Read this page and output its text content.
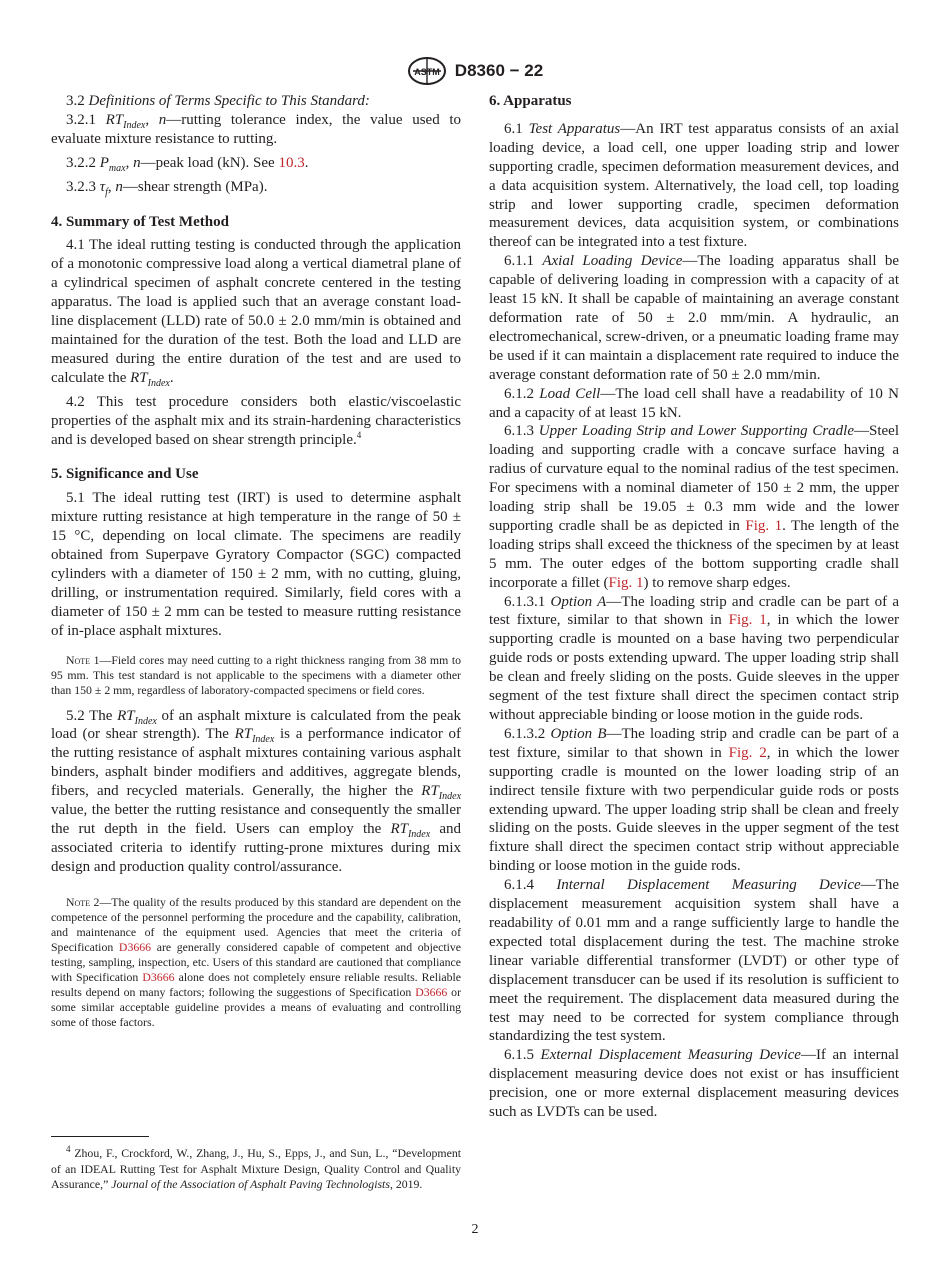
ASTM D8360 − 22

3.2 Definitions of Terms Specific to This Standard:

3.2.1 $RT_{Index}$, n—rutting tolerance index, the value used to evaluate mixture resistance to rutting.

3.2.2 $P_{max}$, n—peak load (kN). See 10.3.

3.2.3 $\tau_f$, n—shear strength (MPa).

4. Summary of Test Method

4.1 The ideal rutting testing is conducted through the application of a monotonic compressive load along a vertical diametral plane of a cylindrical specimen of asphalt concrete centered in the testing apparatus. The load is applied such that an average constant load-line displacement (LLD) rate of 50.0 ± 2.0 mm/min is obtained and maintained for the duration of the test. Both the load and LLD are measured during the entire duration of the test and are used to calculate the $RT_{Index}$.

4.2 This test procedure considers both elastic/viscoelastic properties of the asphalt mix and its strain-hardening characteristics and is developed based on shear strength principle.$^4$

5. Significance and Use

5.1 The ideal rutting test (IRT) is used to determine asphalt mixture rutting resistance at high temperature in the range of 50 ± 15 °C, depending on local climate. The specimens are readily obtained from Superpave Gyratory Compactor (SGC) compacted cylinders with a diameter of 150 ± 2 mm, with no cutting, gluing, drilling, or instrumentation required. Similarly, field cores with a diameter of 150 ± 2 mm can be tested to measure rutting resistance of in-place asphalt mixtures.

Note 1—Field cores may need cutting to a right thickness ranging from 38 mm to 95 mm. This test standard is not applicable to the specimens with a diameter other than 150 ± 2 mm, regardless of laboratory-compacted specimens or field cores.

5.2 The $RT_{Index}$ of an asphalt mixture is calculated from the peak load (or shear strength). The $RT_{Index}$ is a performance indicator of the rutting resistance of asphalt mixtures containing various asphalt binders, asphalt binder modifiers and additives, aggregate blends, fibers, and recycled materials. Generally, the higher the $RT_{Index}$ value, the better the rutting resistance and consequently the smaller the rut depth in the field. Users can employ the $RT_{Index}$ and associated criteria to identify rutting-prone mixtures during mix design and production quality control/assurance.

Note 2—The quality of the results produced by this standard are dependent on the competence of the personnel performing the procedure and the capability, calibration, and maintenance of the equipment used. Agencies that meet the criteria of Specification D3666 are generally considered capable of competent and objective testing, sampling, inspection, etc. Users of this standard are cautioned that compliance with Specification D3666 alone does not completely ensure reliable results. Reliable results depend on many factors; following the suggestions of Specification D3666 or some similar acceptable guideline provides a means of evaluating and controlling some of those factors.
$^4$ Zhou, F., Crockford, W., Zhang, J., Hu, S., Epps, J., and Sun, L., “Development of an IDEAL Rutting Test for Asphalt Mixture Design, Quality Control and Quality Assurance,” Journal of the Association of Asphalt Paving Technologists, 2019.
6. Apparatus

6.1 Test Apparatus—An IRT test apparatus consists of an axial loading device, a load cell, one upper loading strip and lower supporting cradle, specimen deformation measurement devices, and a data acquisition system. Alternatively, the load cell, top loading strip and lower supporting cradle, specimen deformation measurement devices, data acquisition system, or combinations thereof can be integrated into a test fixture.

6.1.1 Axial Loading Device—The loading apparatus shall be capable of delivering loading in compression with a capacity of at least 15 kN. It shall be capable of maintaining an average constant deformation rate of 50 ± 2.0 mm/min. A hydraulic, an electromechanical, screw-driven, or a pneumatic loading frame may be used if it can maintain a displacement rate required to induce the average constant deformation rate of 50 ± 2.0 mm/min.

6.1.2 Load Cell—The load cell shall have a readability of 10 N and a capacity of at least 15 kN.

6.1.3 Upper Loading Strip and Lower Supporting Cradle—Steel loading and supporting cradle with a concave surface having a radius of curvature equal to the nominal radius of the test specimen. For specimens with a nominal diameter of 150 ± 2 mm, the upper loading strip shall be 19.05 ± 0.3 mm wide and the lower supporting cradle shall be as depicted in Fig. 1. The length of the loading strips shall exceed the thickness of the specimen by at least 5 mm. The outer edges of the bottom supporting cradle shall incorporate a fillet (Fig. 1) to remove sharp edges.

6.1.3.1 Option A—The loading strip and cradle can be part of a test fixture, similar to that shown in Fig. 1, in which the lower supporting cradle is mounted on a base having two perpendicular guide rods or posts extending upward. The upper loading strip shall be clean and freely sliding on the posts. Guide sleeves in the upper segment of the test fixture shall direct the specimen contact strip without appreciable binding or loose motion in the guide rods.

6.1.3.2 Option B—The loading strip and cradle can be part of a test fixture, similar to that shown in Fig. 2, in which the lower supporting cradle is mounted on the lower loading strip of an indirect tensile fixture with two perpendicular guide rods or posts extending upward. The upper loading strip shall be clean and freely sliding on the posts. Guide sleeves in the upper segment of the test fixture shall direct the specimen contact strip without appreciable binding or loose motion in the guide rods.

6.1.4 Internal Displacement Measuring Device—The displacement measurement acquisition system shall have a readability of 0.01 mm and a range sufficiently large to handle the expected total displacement during the test. The machine stroke linear variable differential transformer (LVDT) or other type of displacement transducer can be used if its resolution is sufficient to meet the requirement. The displacement data measured during the test may need to be corrected for system compliance through standardizing the test system.

6.1.5 External Displacement Measuring Device—If an internal displacement measuring device does not exist or has insufficient precision, one or more external displacement measuring devices such as LVDTs can be used.

2
